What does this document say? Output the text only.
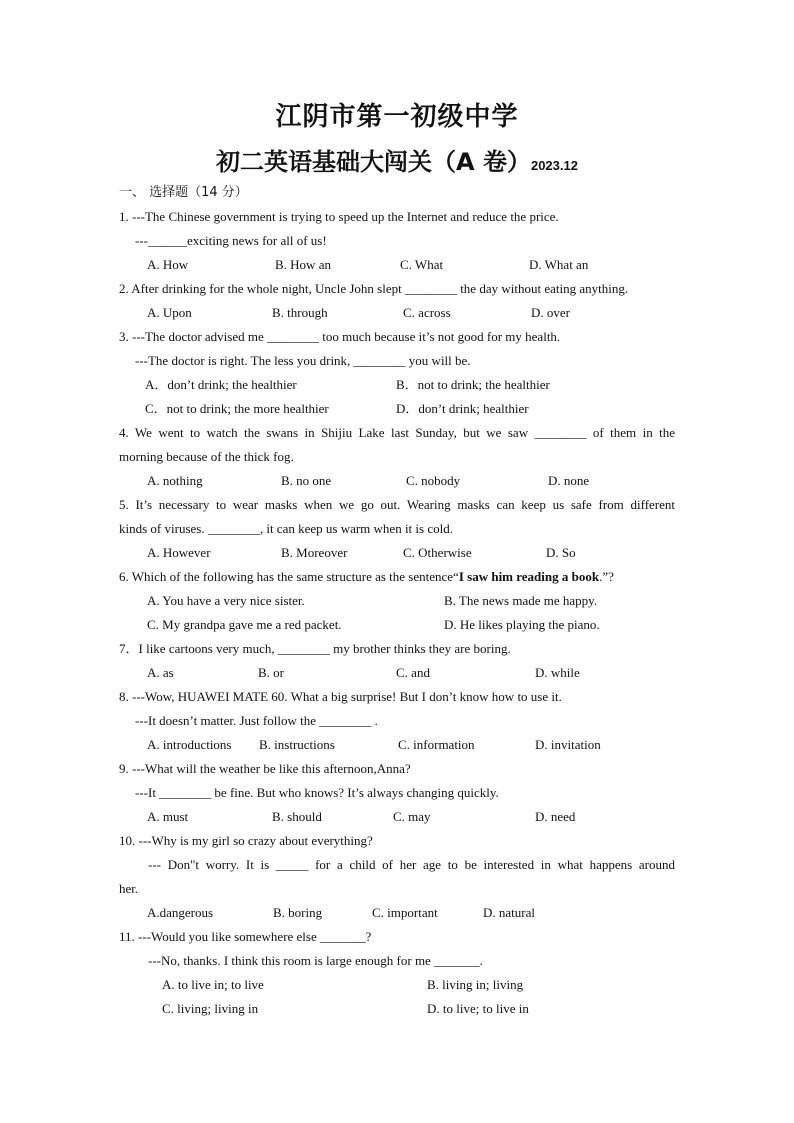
江阴市第一初级中学
初二英语基础大闯关（A 卷）2023.12
一、 选择题（14 分）
1. ---The Chinese government is trying to speed up the Internet and reduce the price.
---______exciting news for all of us!
A. How	B. How an	C. What	D. What an
2. After drinking for the whole night, Uncle John slept ________ the day without eating anything.
A. Upon	B. through	C. across	D. over
3. ---The doctor advised me ________ too much because it’s not good for my health.
---The doctor is right. The less you drink, ________ you will be.
A．don’t drink; the healthier	B．not to drink; the healthier
C．not to drink; the more healthier	D．don’t drink; healthier
4. We went to watch the swans in Shijiu Lake last Sunday, but we saw ________ of them in the
morning because of the thick fog.
A. nothing	B. no one	C. nobody	D. none
5. It’s necessary to wear masks when we go out. Wearing masks can keep us safe from different
kinds of viruses. ________, it can keep us warm when it is cold.
A. However	B. Moreover	C. Otherwise	D. So
6. Which of the following has the same structure as the sentence“I saw him reading a book.”?
A. You have a very nice sister.	B. The news made me happy.
C. My grandpa gave me a red packet.	D. He likes playing the piano.
7．I like cartoons very much, ________ my brother thinks they are boring.
A. as	B. or	C. and	D. while
8. ---Wow, HUAWEI MATE 60. What a big surprise! But I don’t know how to use it.
---It doesn’t matter. Just follow the ________ .
A. introductions B. instructions	C. information	D. invitation
9. ---What will the weather be like this afternoon,Anna?
---It ________ be fine. But who knows? It’s always changing quickly.
A. must	B. should	C. may	D. need
10. ---Why is my girl so crazy about everything?
--- Don"t worry. It is _____ for a child of her age to be interested in what happens around
her.
A.dangerous	B. boring	C. important	D. natural
11. ---Would you like somewhere else _______?
---No, thanks. I think this room is large enough for me _______.
A. to live in; to live	B. living in; living
C. living; living in	D. to live; to live in
